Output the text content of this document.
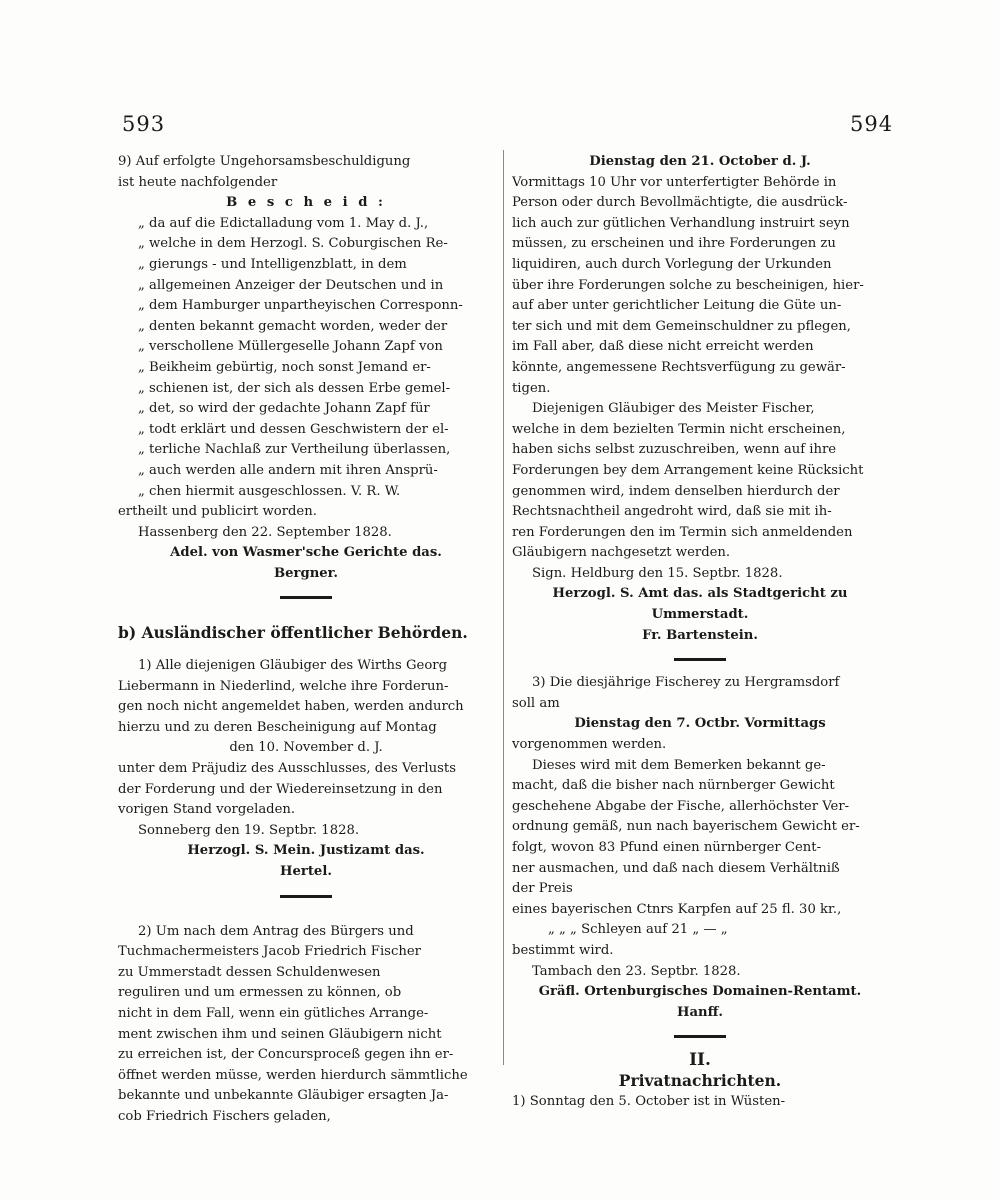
593	594
9) Auf erfolgte Ungehorsamsbeschuldigung
ist heute nachfolgender
B e s c h e i d :
„ da auf die Edictalladung vom 1. May d. J.,
„ welche in dem Herzogl. S. Coburgischen Re-
„ gierungs - und Intelligenzblatt, in dem
„ allgemeinen Anzeiger der Deutschen und in
„ dem Hamburger unpartheyischen Corresponn-
„ denten bekannt gemacht worden, weder der
„ verschollene Müllergeselle Johann Zapf von
„ Beikheim gebürtig, noch sonst Jemand er-
„ schienen ist, der sich als dessen Erbe gemel-
„ det, so wird der gedachte Johann Zapf für
„ todt erklärt und dessen Geschwistern der el-
„ terliche Nachlaß zur Vertheilung überlassen,
„ auch werden alle andern mit ihren Ansprü-
„ chen hiermit ausgeschlossen. V. R. W.
ertheilt und publicirt worden.
Hassenberg den 22. September 1828.
Adel. von Wasmer'sche Gerichte das.
Bergner.
b) Ausländischer öffentlicher Behörden.
1) Alle diejenigen Gläubiger des Wirths Georg
Liebermann in Niederlind, welche ihre Forderun-
gen noch nicht angemeldet haben, werden andurch
hierzu und zu deren Bescheinigung auf Montag
den 10. November d. J.
unter dem Präjudiz des Ausschlusses, des Verlusts
der Forderung und der Wiedereinsetzung in den
vorigen Stand vorgeladen.
Sonneberg den 19. Septbr. 1828.
Herzogl. S. Mein. Justizamt das.
Hertel.
2) Um nach dem Antrag des Bürgers und
Tuchmachermeisters Jacob Friedrich Fischer
zu Ummerstadt dessen Schuldenwesen
reguliren und um ermessen zu können, ob
nicht in dem Fall, wenn ein gütliches Arrange-
ment zwischen ihm und seinen Gläubigern nicht
zu erreichen ist, der Concursproceß gegen ihn er-
öffnet werden müsse, werden hierdurch sämmtliche
bekannte und unbekannte Gläubiger ersagten Ja-
cob Friedrich Fischers geladen,
Dienstag den 21. October d. J.
Vormittags 10 Uhr vor unterfertigter Behörde in
Person oder durch Bevollmächtigte, die ausdrück-
lich auch zur gütlichen Verhandlung instruirt seyn
müssen, zu erscheinen und ihre Forderungen zu
liquidiren, auch durch Vorlegung der Urkunden
über ihre Forderungen solche zu bescheinigen, hier-
auf aber unter gerichtlicher Leitung die Güte un-
ter sich und mit dem Gemeinschuldner zu pflegen,
im Fall aber, daß diese nicht erreicht werden
könnte, angemessene Rechtsverfügung zu gewär-
tigen.
Diejenigen Gläubiger des Meister Fischer,
welche in dem bezielten Termin nicht erscheinen,
haben sichs selbst zuzuschreiben, wenn auf ihre
Forderungen bey dem Arrangement keine Rücksicht
genommen wird, indem denselben hierdurch der
Rechtsnachtheil angedroht wird, daß sie mit ih-
ren Forderungen den im Termin sich anmeldenden
Gläubigern nachgesetzt werden.
Sign. Heldburg den 15. Septbr. 1828.
Herzogl. S. Amt das. als Stadtgericht zu
Ummerstadt.
Fr. Bartenstein.
3) Die diesjährige Fischerey zu Hergramsdorf
soll am
Dienstag den 7. Octbr. Vormittags
vorgenommen werden.
Dieses wird mit dem Bemerken bekannt ge-
macht, daß die bisher nach nürnberger Gewicht
geschehene Abgabe der Fische, allerhöchster Ver-
ordnung gemäß, nun nach bayerischem Gewicht er-
folgt, wovon 83 Pfund einen nürnberger Cent-
ner ausmachen, und daß nach diesem Verhältniß
der Preis
eines bayerischen Ctnrs Karpfen auf 25 fl. 30 kr.,
„ „ „ Schleyen auf 21 „ — „
bestimmt wird.
Tambach den 23. Septbr. 1828.
Gräfl. Ortenburgisches Domainen-Rentamt.
Hanff.
II.
Privatnachrichten.
1) Sonntag den 5. October ist in Wüsten-
